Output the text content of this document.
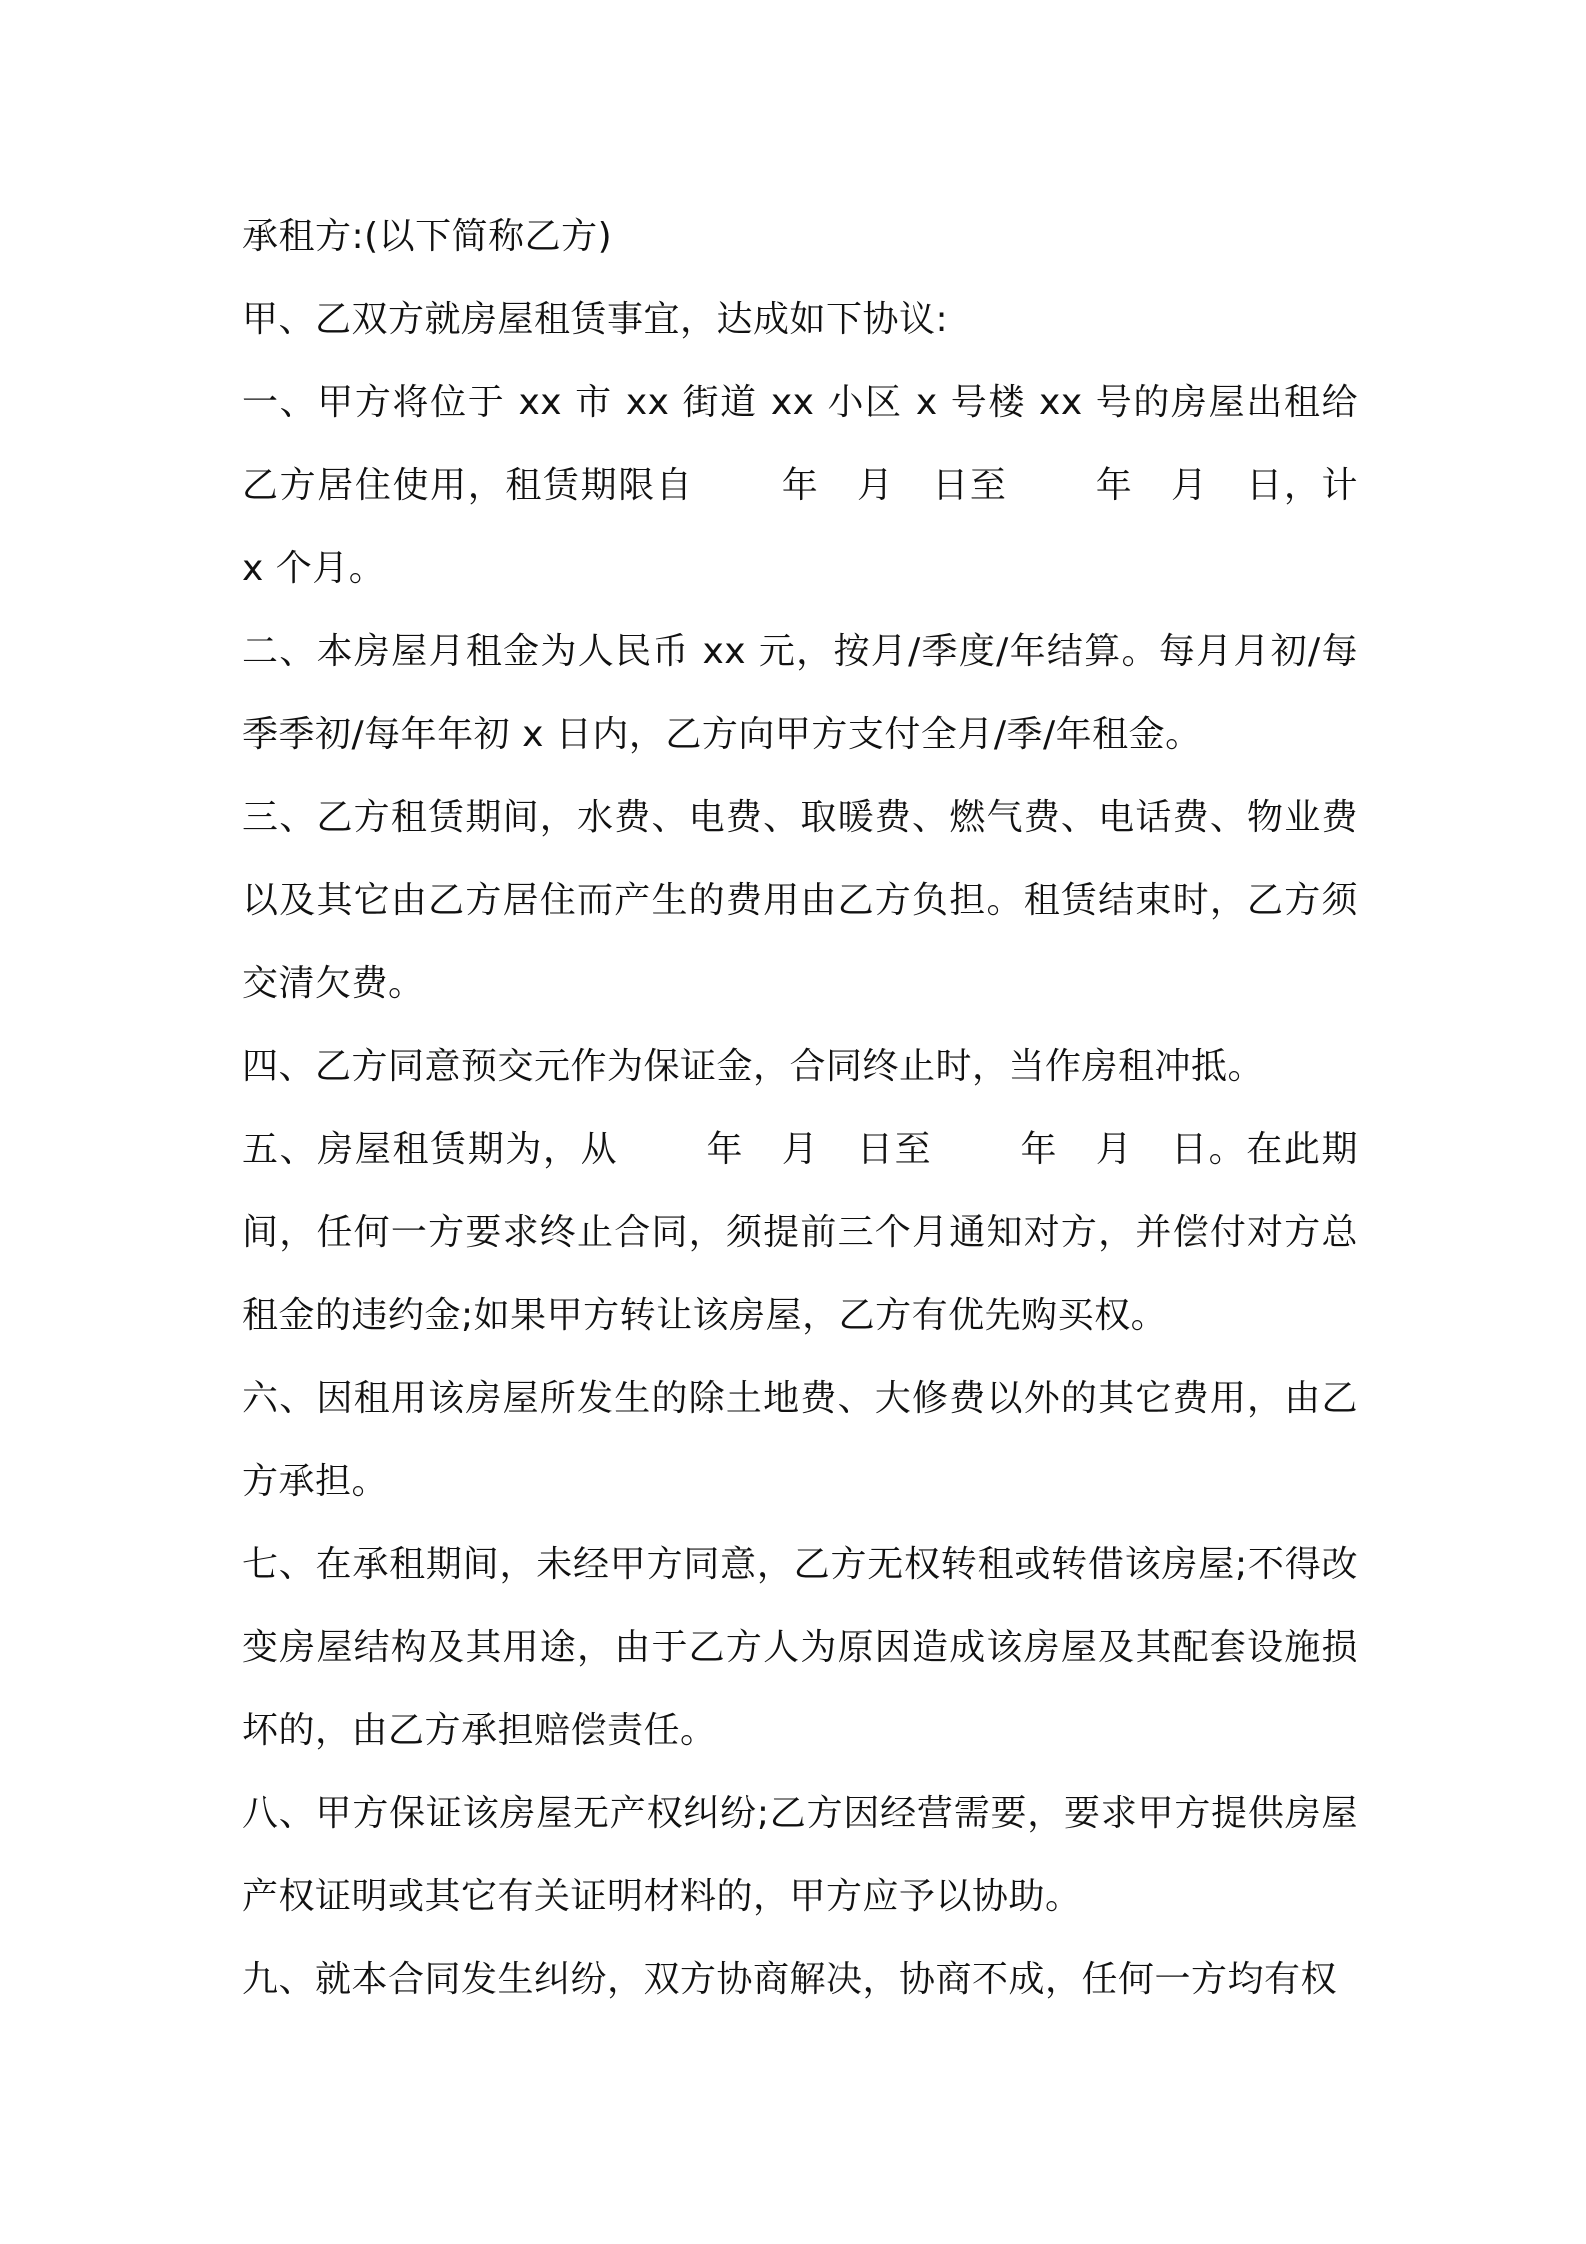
承租方:(以下简称乙方)

甲、乙双方就房屋租赁事宜，达成如下协议:

一、甲方将位于 xx 市 xx 街道 xx 小区 x 号楼 xx 号的房屋出租给乙方居住使用，租赁期限自　　 年　月　日至　　 年　月　日，计 x 个月。

二、本房屋月租金为人民币 xx 元，按月/季度/年结算。每月月初/每季季初/每年年初 x 日内，乙方向甲方支付全月/季/年租金。

三、乙方租赁期间，水费、电费、取暖费、燃气费、电话费、物业费以及其它由乙方居住而产生的费用由乙方负担。租赁结束时，乙方须交清欠费。

四、乙方同意预交元作为保证金，合同终止时，当作房租冲抵。

五、房屋租赁期为，从　　 年　月　日至　　 年　月　日。在此期间，任何一方要求终止合同，须提前三个月通知对方，并偿付对方总租金的违约金;如果甲方转让该房屋，乙方有优先购买权。

六、因租用该房屋所发生的除土地费、大修费以外的其它费用，由乙方承担。

七、在承租期间，未经甲方同意，乙方无权转租或转借该房屋;不得改变房屋结构及其用途，由于乙方人为原因造成该房屋及其配套设施损坏的，由乙方承担赔偿责任。

八、甲方保证该房屋无产权纠纷;乙方因经营需要，要求甲方提供房屋产权证明或其它有关证明材料的，甲方应予以协助。

九、就本合同发生纠纷，双方协商解决，协商不成，任何一方均有权
